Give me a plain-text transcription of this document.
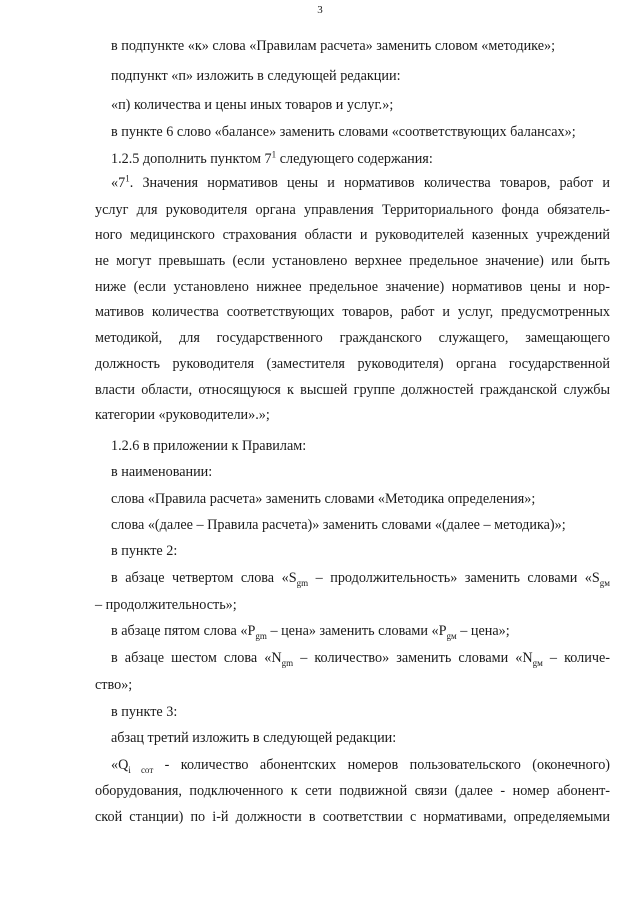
3
в подпункте «к» слова «Правилам расчета» заменить словом «методике»;
подпункт «п» изложить в следующей редакции:
«п) количества и цены иных товаров и услуг.»;
в пункте 6 слово «балансе» заменить словами «соответствующих балансах»;
1.2.5 дополнить пунктом $7^1$ следующего содержания:
«$7^1$. Значения нормативов цены и нормативов количества товаров, работ и
услуг для руководителя органа управления Территориального фонда обязатель-
ного медицинского страхования области и руководителей казенных учреждений
не могут превышать (если установлено верхнее предельное значение) или быть
ниже (если установлено нижнее предельное значение) нормативов цены и нор-
мативов количества соответствующих товаров, работ и услуг, предусмотренных
методикой, для государственного гражданского служащего, замещающего
должность руководителя (заместителя руководителя) органа государственной
власти области, относящуюся к высшей группе должностей гражданской службы
категории «руководители».»;
1.2.6 в приложении к Правилам:
в наименовании:
слова «Правила расчета» заменить словами «Методика определения»;
слова «(далее – Правила расчета)» заменить словами «(далее – методика)»;
в пункте 2:
в абзаце четвертом слова «$S_{gm}$ – продолжительность» заменить словами «$S_{gм}$
– продолжительность»;
в абзаце пятом слова «$P_{gm}$ – цена» заменить словами «$P_{gм}$ – цена»;
в абзаце шестом слова «$N_{gm}$ – количество» заменить словами «$N_{gм}$ – количе-
ство»;
в пункте 3:
абзац третий изложить в следующей редакции:
«$Q_{i сот}$ - количество абонентских номеров пользовательского (оконечного)
оборудования, подключенного к сети подвижной связи (далее - номер абонент-
ской станции) по i-й должности в соответствии с нормативами, определяемыми
